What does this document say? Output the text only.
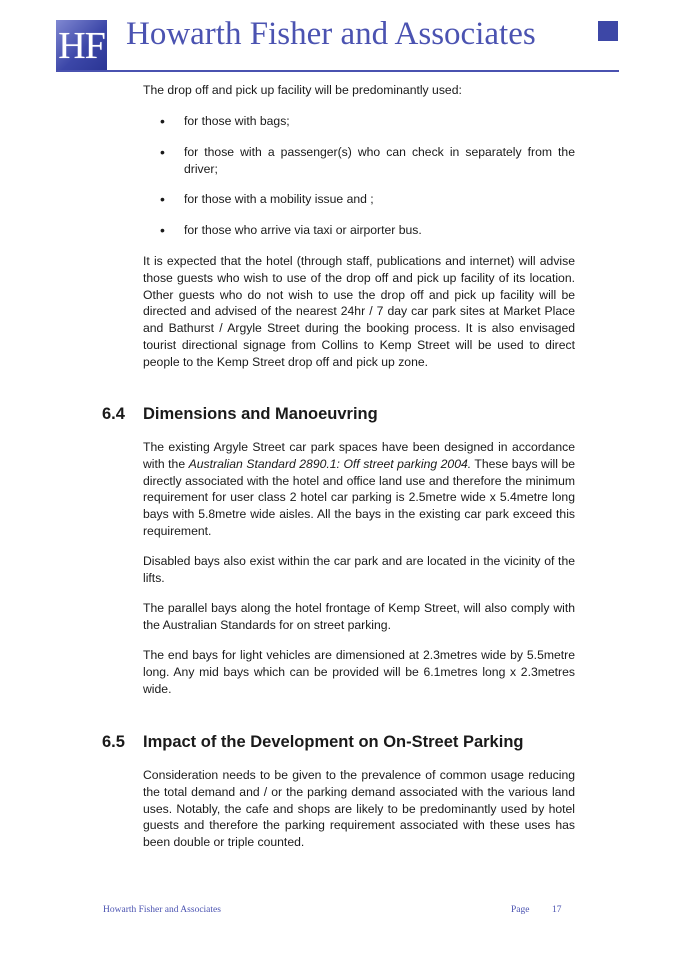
HF Howarth Fisher and Associates

The drop off and pick up facility will be predominantly used:

•	for those with bags;
•	for those with a passenger(s) who can check in separately from the driver;
•	for those with a mobility issue and ;
•	for those who arrive via taxi or airporter bus.

It is expected that the hotel (through staff, publications and internet) will advise those guests who wish to use of the drop off and pick up facility of its location. Other guests who do not wish to use the drop off and pick up facility will be directed and advised of the nearest 24hr / 7 day car park sites at Market Place and Bathurst / Argyle Street during the booking process. It is also envisaged tourist directional signage from Collins to Kemp Street will be used to direct people to the Kemp Street drop off and pick up zone.

6.4 Dimensions and Manoeuvring

The existing Argyle Street car park spaces have been designed in accordance with the Australian Standard 2890.1: Off street parking 2004. These bays will be directly associated with the hotel and office land use and therefore the minimum requirement for user class 2 hotel car parking is 2.5metre wide x 5.4metre long bays with 5.8metre wide aisles. All the bays in the existing car park exceed this requirement.

Disabled bays also exist within the car park and are located in the vicinity of the lifts.

The parallel bays along the hotel frontage of Kemp Street, will also comply with the Australian Standards for on street parking.

The end bays for light vehicles are dimensioned at 2.3metres wide by 5.5metre long. Any mid bays which can be provided will be 6.1metres long x 2.3metres wide.

6.5 Impact of the Development on On-Street Parking

Consideration needs to be given to the prevalence of common usage reducing the total demand and / or the parking demand associated with the various land uses. Notably, the cafe and shops are likely to be predominantly used by hotel guests and therefore the parking requirement associated with these uses has been double or triple counted.

Howarth Fisher and Associates	Page 17
